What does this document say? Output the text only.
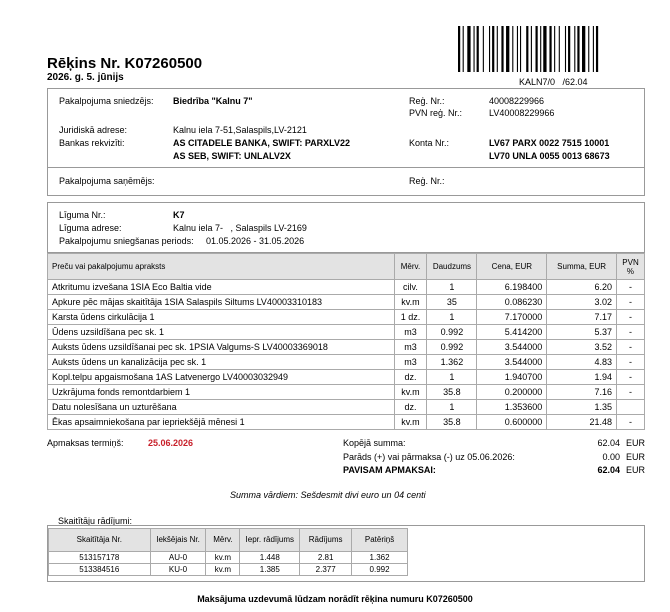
Rēķins Nr. K07260500
2026. g. 5. jūnijs	KALN7/0   /62.04
Pakalpojuma sniedzējs: Biedrība "Kalnu 7"	Reģ. Nr.:	40008229966
PVN reģ. Nr.:	LV40008229966
Juridiskā adrese:	Kalnu iela 7-51,Salaspils,LV-2121
Bankas rekvizīti:	AS CITADELE BANKA, SWIFT: PARXLV22
AS SEB, SWIFT: UNLALV2X
Konta Nr.:	LV67 PARX 0022 7515 10001
LV70 UNLA 0055 0013 68673
Pakalpojuma saņēmējs:	Reģ. Nr.:
Līguma Nr.:	K7
Līguma adrese:	Kalnu iela 7-   , Salaspils LV-2169
Pakalpojumu sniegšanas periods: 01.05.2026 - 31.05.2026
Preču vai pakalpojumu apraksts	Mērv.	Daudzums	Cena, EUR	Summa, EUR	PVN %
Atkritumu izvešana 1SIA Eco Baltia vide	cilv.	1	6.198400	6.20	-
Apkure pēc mājas skaitītāja 1SIA Salaspils Siltums LV40003310183	kv.m	35	0.086230	3.02	-
Karsta ūdens cirkulācija 1	1 dz.	1	7.170000	7.17	-
Ūdens uzsildīšana pec sk. 1	m3	0.992	5.414200	5.37	-
Auksts ūdens uzsildīšanai pec sk. 1PSIA Valgums-S LV40003369018	m3	0.992	3.544000	3.52	-
Auksts ūdens un kanalizācija pec sk. 1	m3	1.362	3.544000	4.83	-
Kopl.telpu apgaismošana 1AS Latvenergo LV40003032949	dz.	1	1.940700	1.94	-
Uzkrājuma fonds remontdarbiem 1	kv.m	35.8	0.200000	7.16	-
Datu nolesīšana un uzturēšana	dz.	1	1.353600	1.35	
Ēkas apsaimniekošana par iepriekšējā mēnesi 1	kv.m	35.8	0.600000	21.48	-
Apmaksas termiņš:	25.06.2026	Kopējā summa:	62.04 EUR
Parāds (+) vai pārmaksa (-) uz 05.06.2026:	0.00 EUR
PAVISAM APMAKSAI:	62.04 EUR
Summa vārdiem: Sešdesmit divi euro un 04 centi
Skaitītāju rādījumi:
Skaitītāja Nr.	Iekšējais Nr.	Mērv.	Iepr. rādījums	Rādījums	Patēriņš
513157178	AU-0	kv.m	1.448	2.81	1.362
513384516	KU-0	kv.m	1.385	2.377	0.992
Maksājuma uzdevumā lūdzam norādīt rēķina numuru K07260500
